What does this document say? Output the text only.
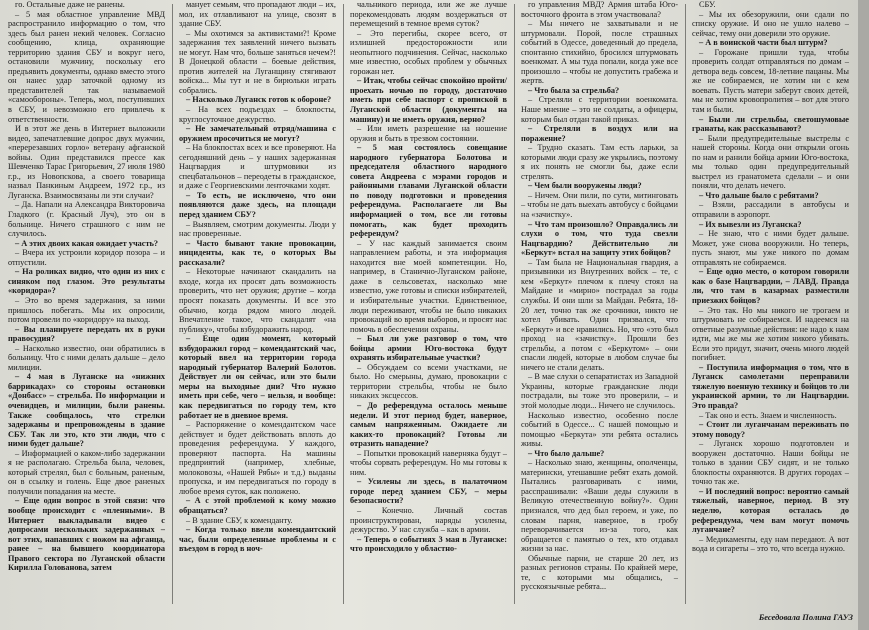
го. Остальные даже не ранены.

– 5 мая областное управление МВД распространило информацию о том, что здесь был ранен некий человек. Согласно сообщению, клица, охраняющие территорию здания СБУ и вокруг него, остановили мужчину, поскольку его предъявить документы, однако вместо этого он нанес удар заточкой одному из представителей так называемой «самообороны». Теперь, мол, поступивших в СБУ, и невозможно его привлечь к ответственности.

И в этот же день в Интернет выложили видео, запечатлевшие допрос двух мужчин, «перерезавших горло» ветерану афганской войны. Один представился прессе как Шевченко Тарас Григорьевич, 27 июля 1980 г.р., из Новопскова, а своего товарища назвал Панкиным Андреем, 1972 г.р., из Луганска. Взаимосвязаны ли эти случаи?

– Да. Напали на Александра Викторовича Гладкого (г. Красный Луч), это он в больнице. Ничего страшного с ним не случилось.

– А этих двоих какая ожидает участь?

– Вчера их устроили коридор позора – и отпустили.

– На роликах видно, что один из них с синяком под глазом. Это результаты «коридора»?

– Это во время задержания, за ними пришлось побегать. Мы их опросили, потом провели по «коридору» на выход.

– Вы планируете передать их в руки правосудия?

– Насколько известно, они обратились в больницу. Что с ними делать дальше – дело милиции.

– 4 мая в Луганске на «нижних баррикадах» со стороны остановки «Донбасс» – стрельба. По информации и очевидцев, и милиции, были ранены. Также сообщалось, что стрелки задержаны и препровождены в здание СБУ. Так ли это, кто эти люди, что с ними будет дальше?

– Информацией о каком-либо задержании я не располагаю. Стрельба была, человек, который стрелял, был с больным, раненым, он в ссылку и голень. Еще двое раненых получили попадания на месте.

– Еще один вопрос в этой связи: что вообще происходит с «пленными». В Интернет выкладывали видео с допросами нескольких задержанных – вот этих, напавших с ножом на афганца, ранее – на бывшего координатора Правого сектора по Луганской области Кирилла Голованова, затем

манует семьям, что пропадают люди – их, мол, их отлавливают на улице, свозят в здание СБУ.

– Мы охотимся за активистами?! Кроме задержания тех заявлений ничего вызвать не могут. Нам что, больше заняться нечем?! В Донецкой области – боевые действия, против жителей на Луганщину стягивают войска... Мы тут и не в бирюльки играть собрались.

– Насколько Луганск готов к обороне?

– На всех подъездах – блокпосты, круглосуточное дежурство.

– Не замечательный отряд/машина с оружием просочиться не могут?

– На блокпостах всех и все проверяют. На сегодняшний день – у наших задержанная Нацгвардия и штурмовики из спецбатальонов – переодеты в гражданское, и даже с Георгиевскими ленточками ходят.

– То есть, не исключено, что они появляются даже здесь, на площади перед зданием СБУ?

– Выявляем, смотрим документы. Люди у нас проверенные.

– Часто бывают такие провокации, инциденты, как те, о которых Вы рассказали?

– Некоторые начинают скандалить на входе, когда их просят дать возможность проверить, что нет оружия; другие – когда просят показать документы. И все это обычно, когда рядом много людей. Впечатление такое, что скандалят «на публику», чтобы взбудоражить народ.

– Еще один момент, который взбудоражил город – комендантский час, который ввел на территории города народный губернатор Валерий Болотов. Действует ли он сейчас, или это были меры на выходные дни? Что нужно иметь при себе, чего – нельзя, и вообще: как передвигаться по городу тем, кто работает не в дневное время.

– Распоряжение о комендантском часе действует и будет действовать вплоть до проведения референдума. У каждого, проверяют паспорта. На машины предприятий (например, хлебные, молоковозы, «Нашей Рябы» и т.д.) выданы пропуска, и им передвигаться по городу в любое время суток, как положено.

– А с этой проблемой к кому можно обращаться?

– В здание СБУ, к коменданту.

– Когда только ввели комендантский час, были определенные проблемы и с въездом в город в ноч-

чальникого периода, или же же лучше порекомендовать людям воздержаться от перемещений в темное время суток?

– Это перегибы, скорее всего, от излишней предосторожности или неопытного подчинения. Сейчас, насколько мне известно, особых проблем у обычных горожан нет.

– Итак, чтобы сейчас спокойно пройти/проехать ночью по городу, достаточно иметь при себе паспорт с пропиской в Луганской области (документы на машину) и не иметь оружия, верно?

– Или иметь разрешение на ношение оружия и быть в трезвом состоянии.

– 5 мая состоялось совещание народного губернатора Болотова и председателя областного народного совета Андреева с мэрами городов и районными главами Луганской области по поводу подготовки и проведения референдума. Располагаете ли Вы информацией о том, все ли готовы помогать, как будет проходить референдум?

– У нас каждый занимается своим направлением работы, и эта информация находится вне моей компетенции. Но, например, в Станично-Луганском районе, даже в сельсоветах, насколько мне известно, уже готовы и списки избирателей, и избирательные участки. Единственное, люди переживают, чтобы не было никаких провокаций во время выборов, и просят нас помочь в обеспечении охраны.

– Был ли уже разговор о том, что бойцы армии Юго-востока будут охранять избирательные участки?

– Обсуждаем со всеми участками, не было. Но смерыны, думаю, провокации с территории стрельбы, чтобы не было никаких эксцессов.

– До референдума осталось меньше недели. И этот период будет, наверное, самым напряженным. Ожидаете ли каких-то провокаций? Готовы ли отразить нападение?

– Попытки провокаций наверняка будут – чтобы сорвать референдум. Но мы готовы к ним.

– Усилены ли здесь, в палаточном городе перед зданием СБУ, – меры безопасности?

– Конечно. Личный состав проинструктирован, наряды усилены, дежурство. У нас служба – как в армии.

– Теперь о событиях 3 мая в Луганске: что происходило у областно-

го управления МВД? Армия штаба Юго-восточного фронта в этом участвовала?

– Мы ничего не захватывали и не штурмовали. Порой, после страшных событий в Одессе, доведенный до предела, спонтанно стихийно, бросился штурмовать военкомат. А мы туда попали, когда уже все произошло – чтобы не допустить грабежа и жертв.

– Что была за стрельба?

– Стреляли с территории военкомата. Наше мнение – это не солдаты, а офицеры, которым был отдан такой приказ.

– Стреляли в воздух или на поражение?

– Трудно сказать. Там есть ларьки, за которыми люди сразу же укрылись, поэтому я их понять не смогли бы, даже если стрелять.

– Чем были вооружены люди?

– Ничем. Они пили, по сути, митинговать – чтобы не дать выехать автобусу с бойцами на «зачистку».

– Что там произошло? Оправдались ли слухи о том, что туда свезли Нацгвардию? Действительно ли «Беркут» встал на защиту этих бойцов?

– Там была не Национальная гвардия, а призывники из Внутренних войск – те, с кем «Беркут» плечом к плечу стоял на Майдане и «мирно» пострадал за годы службы. И они шли за Майдан. Ребята, 18-20 лет, точно так же срочники, никто не хотел убивать. Один призвался, что «Беркут» и все нравились. Но, что «это был проход на «зачистку». Прошли без стрельбы, а потом с «Беркутом» – они спасли людей, которые в любом случае бы ничего не стали делать.

– В мае слухи о сепаратистах из Западной Украины, которые гражданские люди пострадали, вы тоже это проверили, – и этой молодые люди... Ничего не случилось.

Насколько известно, особенно после событий в Одессе... С нашей помощью и помощью «Беркута» эти ребята остались живы.

– Что было дальше?

– Насколько знаю, женщины, ополченцы, матерински, утешавшие ребят ехать домой. Пытались разговаривать с ними, расспрашивали: «Ваши деды служили в Великую отечественную войну?». Один признался, что дед был героем, и уже, по словам парня, наверное, в гробу переворачивается из-за того, как обращается с памятью о тех, кто отдавал жизни за нас.

Обычные парни, не старше 20 лет, из разных регионов страны. По крайней мере, те, с которыми мы общались, – русскоязычные ребята...

СБУ.

– Мы их обезоружили, они сдали по списку оружие. И оно не ушло налево – сейчас, тему они доверили это оружие.

– А в воинской части был штурм?

– Горожане пришли туда, чтобы проверить солдат отправляться по домам – детворa ведь совсем, 18-летние пацаны. Мы же не собираемся, не хотим ни с кем воевать. Пусть матери заберут своих детей, мы не хотим кровопролития – вот для этого там и были.

– Были ли стрельбы, светошумовые гранаты, как рассказывают?

– Были предупредительные выстрелы с нашей стороны. Когда они открыли огонь по нам и ранили бойца армии Юго-востока, мы только один предупредительный выстрел из гранатомета сделали – и они поняли, что делать нечего.

– Что дальше было с ребятами?

– Взяли, рассадили в автобусы и отправили в аэропорт.

– Их вывезли из Луганска?

– Не знаю, что с ними будет дальше. Может, уже снова вооружили. Но теперь, пусть знают, мы уже никого по домам отправлять не собираемся.

– Еще одно место, о котором говорили как о базе Нацгвардии, – ЛАВД. Правда ли, что там в казармах разместили приезжих бойцов?

– Это так. Но мы никого не трогаем и штурмовать не собираемся. И надеемся на ответные разумные действия: не надо к нам идти, мы же мы же хотим никого убивать. Если это придут, значит, очень много людей погибнет.

– Поступила информация о том, что в Луганск самолетами переправили тяжелую военную технику и бойцов то ли украинской армии, то ли Нацгвардии. Это правда?

– Так оно и есть. Знаем и численность.

– Стоит ли луганчанам переживать по этому поводу?

– Луганск хорошо подготовлен и вооружен достаточно. Наши бойцы не только в здании СБУ сидят, и не только блокпосты охраняются. В других городах – точно так же.

– И последний вопрос: вероятно самый тяжелый, наверное, период. В эту неделю, которая осталась до референдума, чем вам могут помочь луганчане?

– Медикаменты, еду нам передают. А вот вода и сигареты – это то, что всегда нужно.

Беседовала Полина ГАУЗ
